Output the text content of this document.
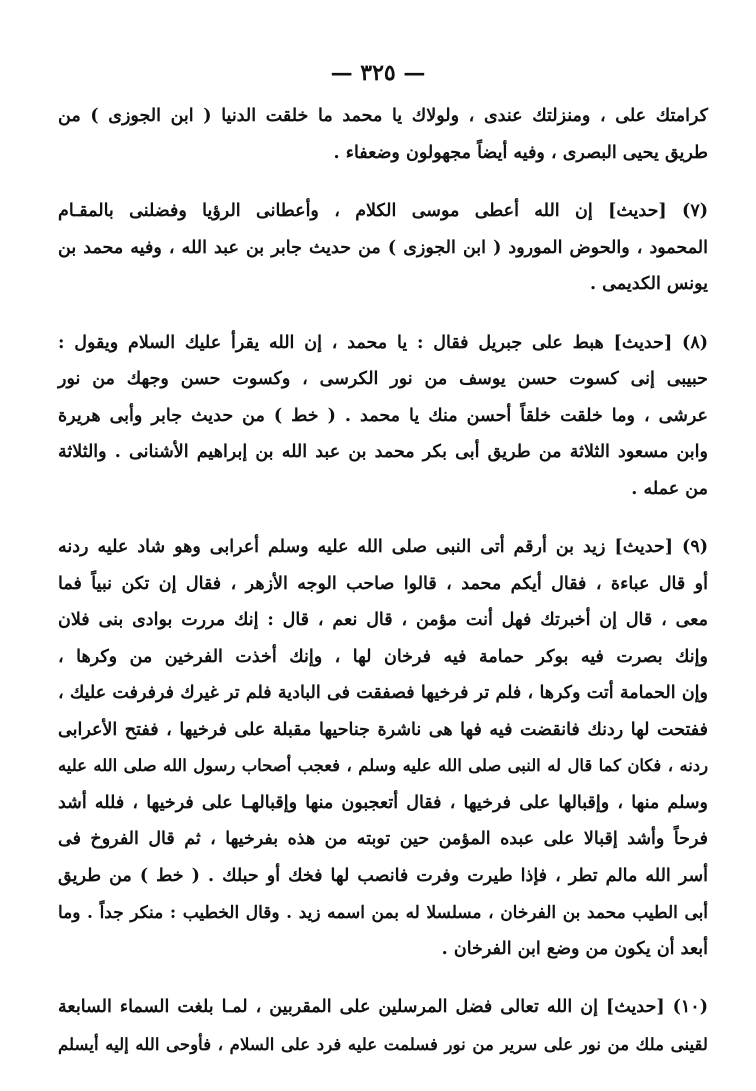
— ٣٢٥ —
كرامتك على ، ومنزلتك عندى ، ولولاك يا محمد ما خلقت الدنيا ( ابن الجوزى ) من
طريق يحيى البصرى ، وفيه أيضاً مجهولون وضعفاء .
(٧) [حديث] إن الله أعطى موسى الكلام ، وأعطانى الرؤيا وفضلنى بالمقـام
المحمود ، والحوض المورود ( ابن الجوزى ) من حديث جابر بن عبد الله ، وفيه محمد بن
يونس الكديمى .
(٨) [حديث] هبط على جبريل فقال : يا محمد ، إن الله يقرأ عليك السلام ويقول :
حبيبى إنى كسوت حسن يوسف من نور الكرسى ، وكسوت حسن وجهك من نور
عرشى ، وما خلقت خلقاً أحسن منك يا محمد . ( خط ) من حديث جابر وأبى هريرة
وابن مسعود الثلاثة من طريق أبى بكر محمد بن عبد الله بن إبراهيم الأشنانى . والثلاثة
من عمله .
(٩) [حديث] زيد بن أرقم أتى النبى صلى الله عليه وسلم أعرابى وهو شاد عليه ردنه
أو قال عباءة ، فقال أيكم محمد ، قالوا صاحب الوجه الأزهر ، فقال إن تكن نبياً فما
معى ، قال إن أخبرتك فهل أنت مؤمن ، قال نعم ، قال : إنك مررت بوادى بنى فلان
وإنك بصرت فيه بوكر حمامة فيه فرخان لها ، وإنك أخذت الفرخين من وكرها ،
وإن الحمامة أتت وكرها ، فلم تر فرخيها فصفقت فى البادية فلم تر غيرك فرفرفت عليك ،
ففتحت لها ردنك فانقضت فيه فها هى ناشرة جناحيها مقبلة على فرخيها ، ففتح الأعرابى
ردنه ، فكان كما قال له النبى صلى الله عليه وسلم ، فعجب أصحاب رسول الله صلى الله عليه
وسلم منها ، وإقبالها على فرخيها ، فقال أتعجبون منها وإقبالهـا على فرخيها ، فلله أشد
فرحاً وأشد إقبالا على عبده المؤمن حين توبته من هذه بفرخيها ، ثم قال الفروخ فى
أسر الله مالم تطر ، فإذا طيرت وفرت فانصب لها فخك أو حبلك . ( خط ) من طريق
أبى الطيب محمد بن الفرخان ، مسلسلا له بمن اسمه زيد . وقال الخطيب : منكر جداً . وما
أبعد أن يكون من وضع ابن الفرخان .
(١٠) [حديث] إن الله تعالى فضل المرسلين على المقربين ، لمـا بلغت السماء السابعة
لقينى ملك من نور على سرير من نور فسلمت عليه فرد على السلام ، فأوحى الله إليه أيسلم
